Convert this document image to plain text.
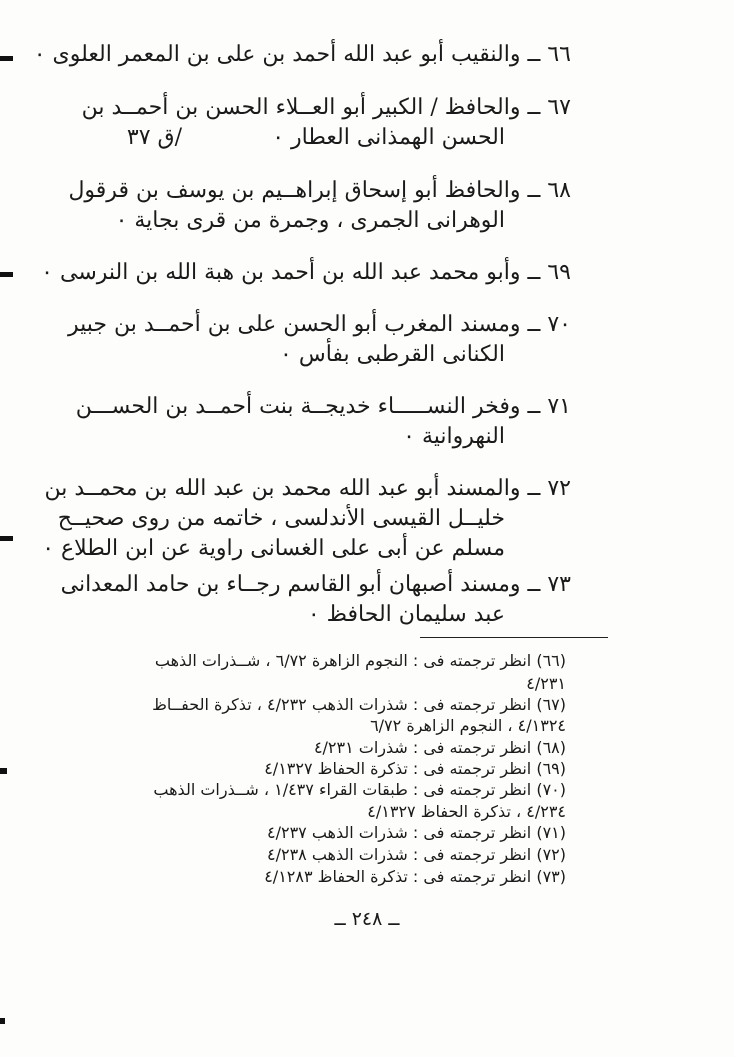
٦٦ ــ والنقيب أبو عبد الله أحمد بن على بن المعمر العلوى ٠
٦٧ ــ والحافظ / الكبير أبو العــلاء الحسن بن أحمــد بن
الحسن الهمذانى العطار ٠
/ق ٣٧
٦٨ ــ والحافظ أبو إسحاق إبراهــيم بن يوسف بن قرقول
الوهرانى الجمرى ، وجمرة من قرى بجاية ٠
٦٩ ــ وأبو محمد عبد الله بن أحمد بن هبة الله بن النرسى ٠
٧٠ ــ ومسند المغرب أبو الحسن على بن أحمــد بن جبير
الكنانى القرطبى بفأس ٠
٧١ ــ وفخر النســـــاء خديجــة بنت أحمــد بن الحســـن
النهروانية ٠
٧٢ ــ والمسند أبو عبد الله محمد بن عبد الله بن محمــد بن
خليــل القيسى الأندلسى ، خاتمه من روى صحيــح
مسلم عن أبى على الغسانى راوية عن ابن الطلاع ٠
٧٣ ــ ومسند أصبهان أبو القاسم رجــاء بن حامد المعدانى
عبد سليمان الحافظ ٠
(٦٦) انظر ترجمته فى : النجوم الزاهرة ٦/٧٢ ، شــذرات الذهب
٤/٢٣١
(٦٧) انظر ترجمته فى : شذرات الذهب ٤/٢٣٢ ، تذكرة الحفــاظ
٤/١٣٢٤ ، النجوم الزاهرة ٦/٧٢
(٦٨) انظر ترجمته فى : شذرات ٤/٢٣١
(٦٩) انظر ترجمته فى : تذكرة الحفاظ ٤/١٣٢٧
(٧٠) انظر ترجمته فى : طبقات القراء ١/٤٣٧ ، شــذرات الذهب
٤/٢٣٤ ، تذكرة الحفاظ ٤/١٣٢٧
(٧١) انظر ترجمته فى : شذرات الذهب ٤/٢٣٧
(٧٢) انظر ترجمته فى : شذرات الذهب ٤/٢٣٨
(٧٣) انظر ترجمته فى : تذكرة الحفاظ ٤/١٢٨٣
ــ ٢٤٨ ــ
